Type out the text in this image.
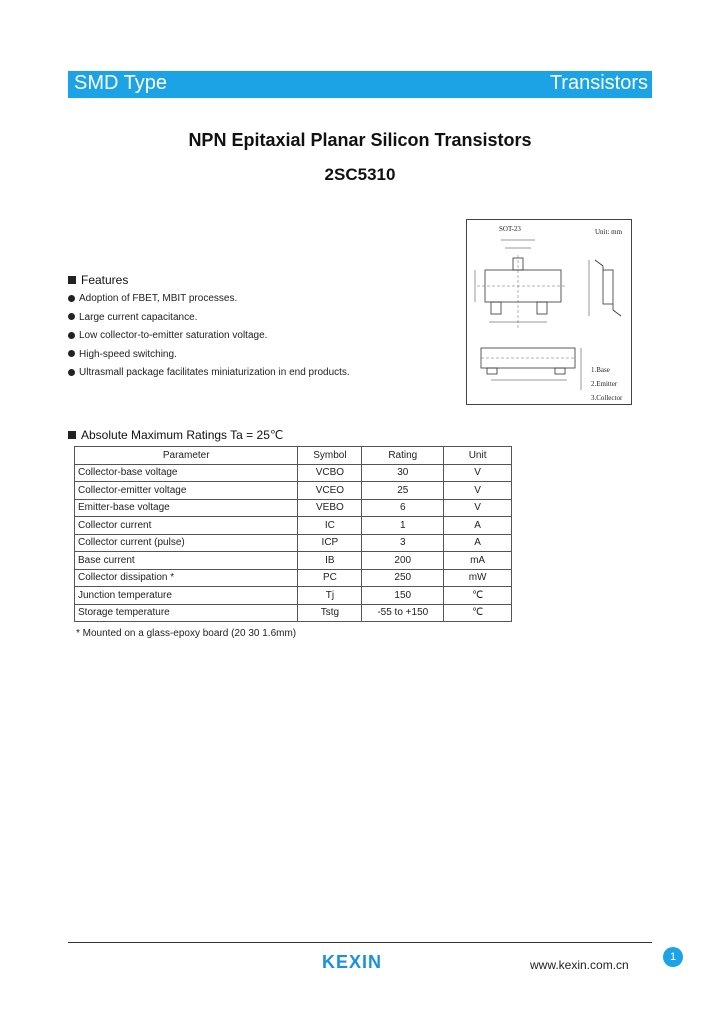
SMD Type	Transistors
NPN Epitaxial Planar Silicon Transistors
2SC5310
SOT-23	Unit: mm
1.Base
2.Emitter
3.Collector
Features
Adoption of FBET, MBIT processes.
Large current capacitance.
Low collector-to-emitter saturation voltage.
High-speed switching.
Ultrasmall package facilitates miniaturization in end products.
Absolute Maximum Ratings Ta = 25℃
Parameter	Symbol	Rating	Unit
Collector-base voltage	VCBO	30	V
Collector-emitter voltage	VCEO	25	V
Emitter-base voltage	VEBO	6	V
Collector current	IC	1	A
Collector current (pulse)	ICP	3	A
Base current	IB	200	mA
Collector dissipation *	PC	250	mW
Junction temperature	Tj	150	℃
Storage temperature	Tstg	-55 to +150	℃
* Mounted on a glass-epoxy board (20 30 1.6mm)
1
KEXIN	www.kexin.com.cn
